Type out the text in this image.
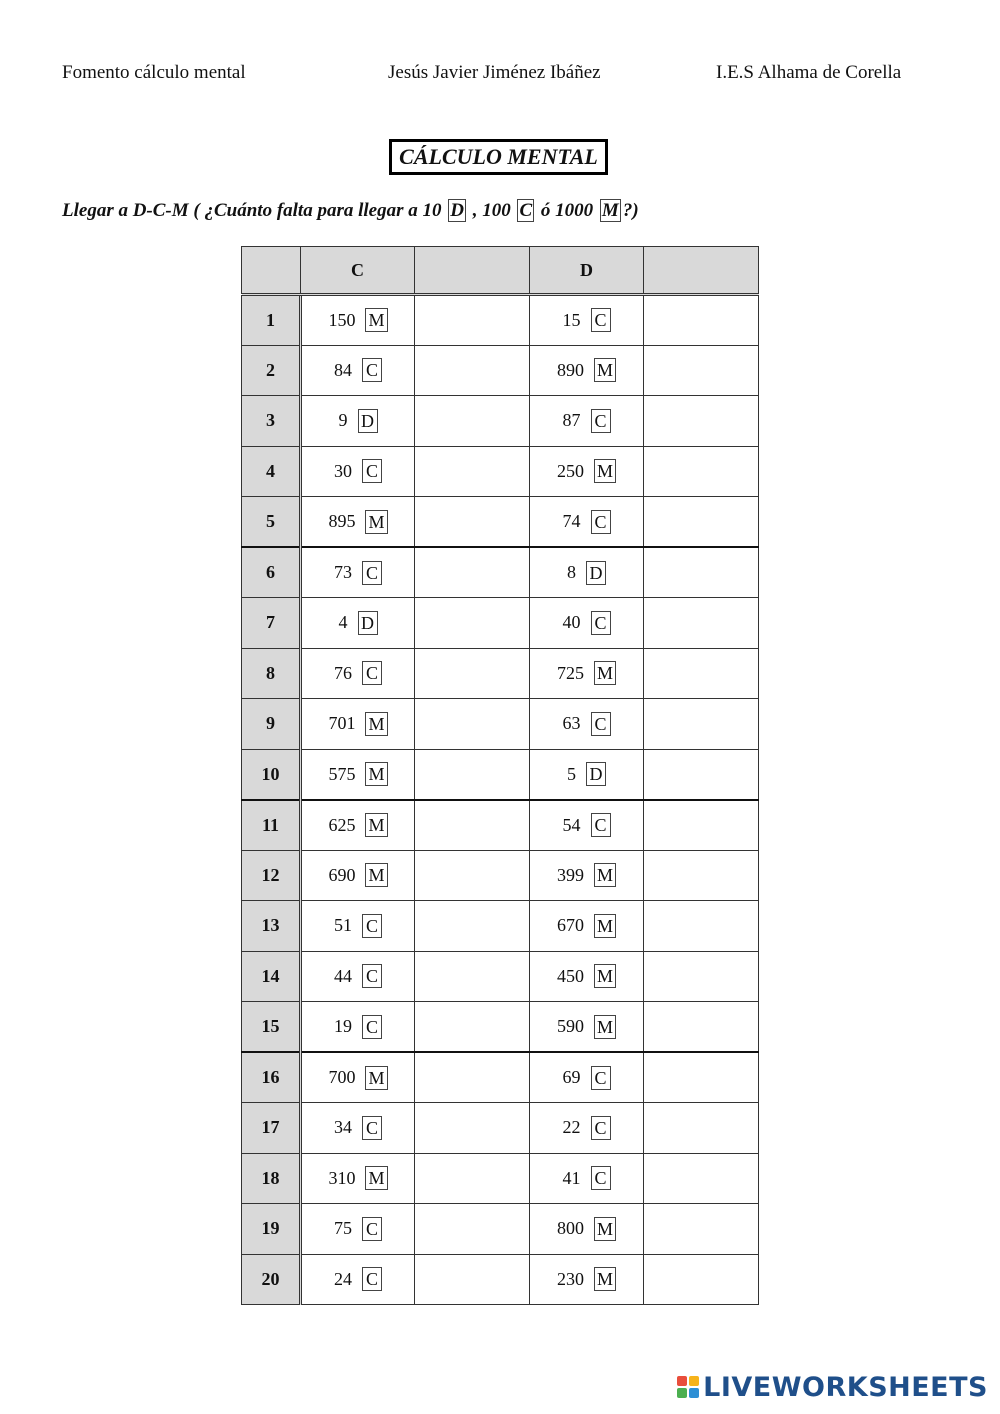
Fomento cálculo mental	Jesús Javier Jiménez Ibáñez	I.E.S Alhama de Corella
CÁLCULO MENTAL
Llegar a D-C-M ( ¿Cuánto falta para llegar a 10 D , 100 C ó 1000 M ?)
	C		D	
1	150 M		15 C	

2	84 C		890 M	

3	9 D		87 C	

4	30 C		250 M	

5	895 M		74 C	

6	73 C		8 D	

7	4 D		40 C	

8	76 C		725 M	

9	701 M		63 C	

10	575 M		5 D	

11	625 M		54 C	

12	690 M		399 M	

13	51 C		670 M	

14	44 C		450 M	

15	19 C		590 M	

16	700 M		69 C	

17	34 C		22 C	

18	310 M		41 C	

19	75 C		800 M	

20	24 C		230 M	

LIVEWORKSHEETS
